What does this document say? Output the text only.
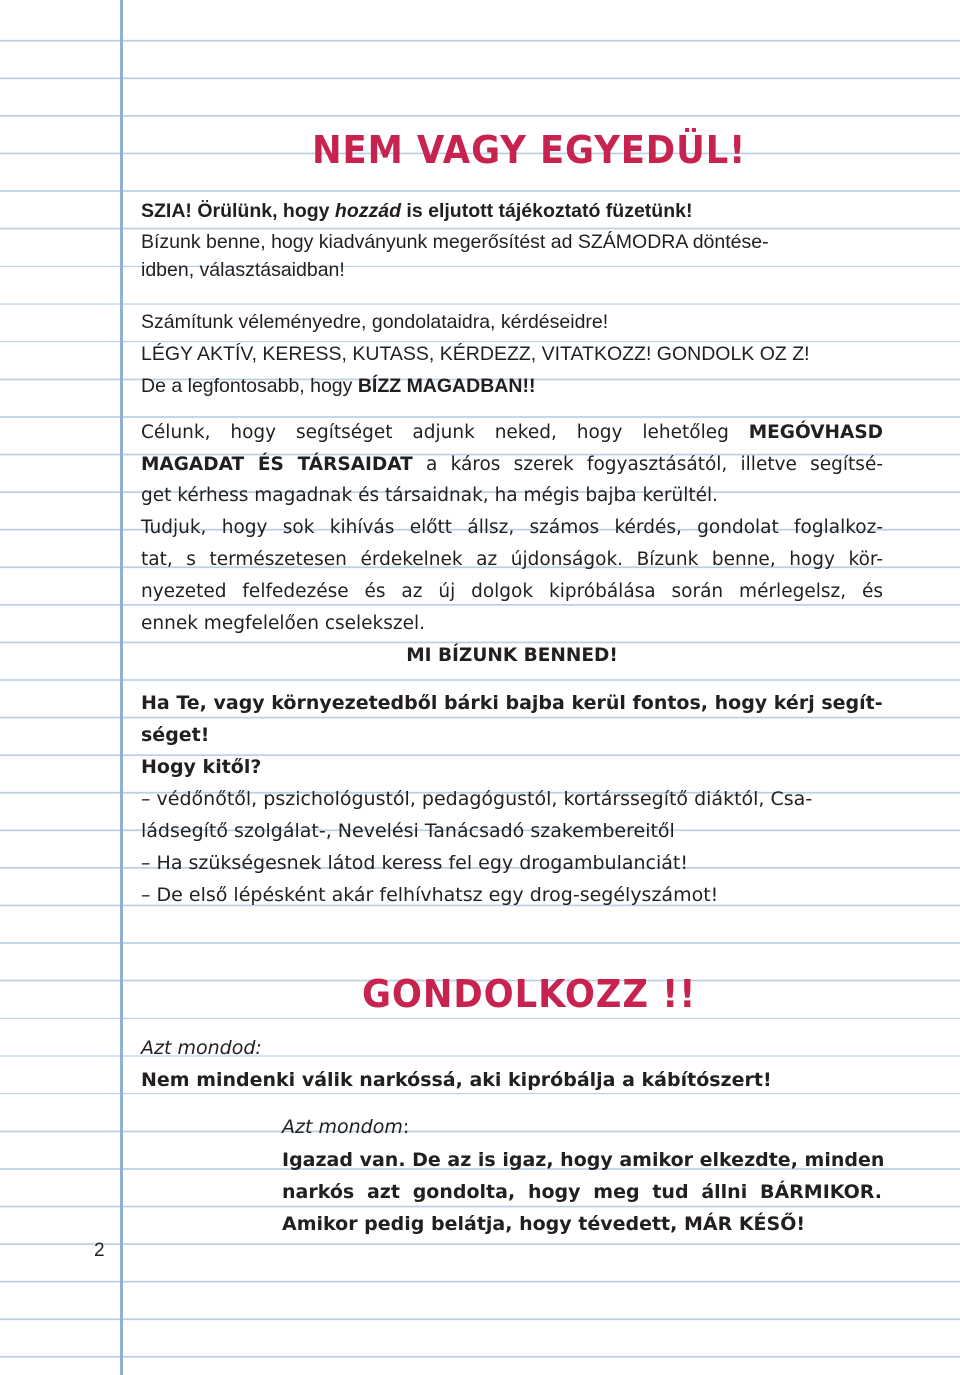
NEM VAGY EGYEDÜL!
SZIA! Örülünk, hogy hozzád is eljutott tájékoztató füzetünk!
Bízunk benne, hogy kiadványunk megerősítést ad SZÁMODRA döntése-
idben, választásaidban!
Számítunk véleményedre, gondolataidra, kérdéseidre!
LÉGY AKTÍV, KERESS, KUTASS, KÉRDEZZ, VITATKOZZ! GONDOLK OZ Z!
De a legfontosabb, hogy BÍZZ MAGADBAN!!
Célunk, hogy segítséget adjunk neked, hogy lehetőleg MEGÓVHASD
MAGADAT ÉS TÁRSAIDAT a káros szerek fogyasztásától, illetve segítsé-
get kérhess magadnak és társaidnak, ha mégis bajba kerültél.
Tudjuk, hogy sok kihívás előtt állsz, számos kérdés, gondolat foglalkoz-
tat, s természetesen érdekelnek az újdonságok. Bízunk benne, hogy kör-
nyezeted felfedezése és az új dolgok kipróbálása során mérlegelsz, és
ennek megfelelően cselekszel.
MI BÍZUNK BENNED!
Ha Te, vagy környezetedből bárki bajba kerül fontos, hogy kérj segít-
séget!
Hogy kitől?
– védőnőtől, pszichológustól, pedagógustól, kortárssegítő diáktól, Csa-
ládsegítő szolgálat-, Nevelési Tanácsadó szakembereitől
– Ha szükségesnek látod keress fel egy drogambulanciát!
– De első lépésként akár felhívhatsz egy drog-segélyszámot!
GONDOLKOZZ !!
Azt mondod:
Nem mindenki válik narkóssá, aki kipróbálja a kábítószert!
Azt mondom:
Igazad van. De az is igaz, hogy amikor elkezdte, minden
narkós azt gondolta, hogy meg tud állni BÁRMIKOR.
Amikor pedig belátja, hogy tévedett, MÁR KÉSŐ!
2
